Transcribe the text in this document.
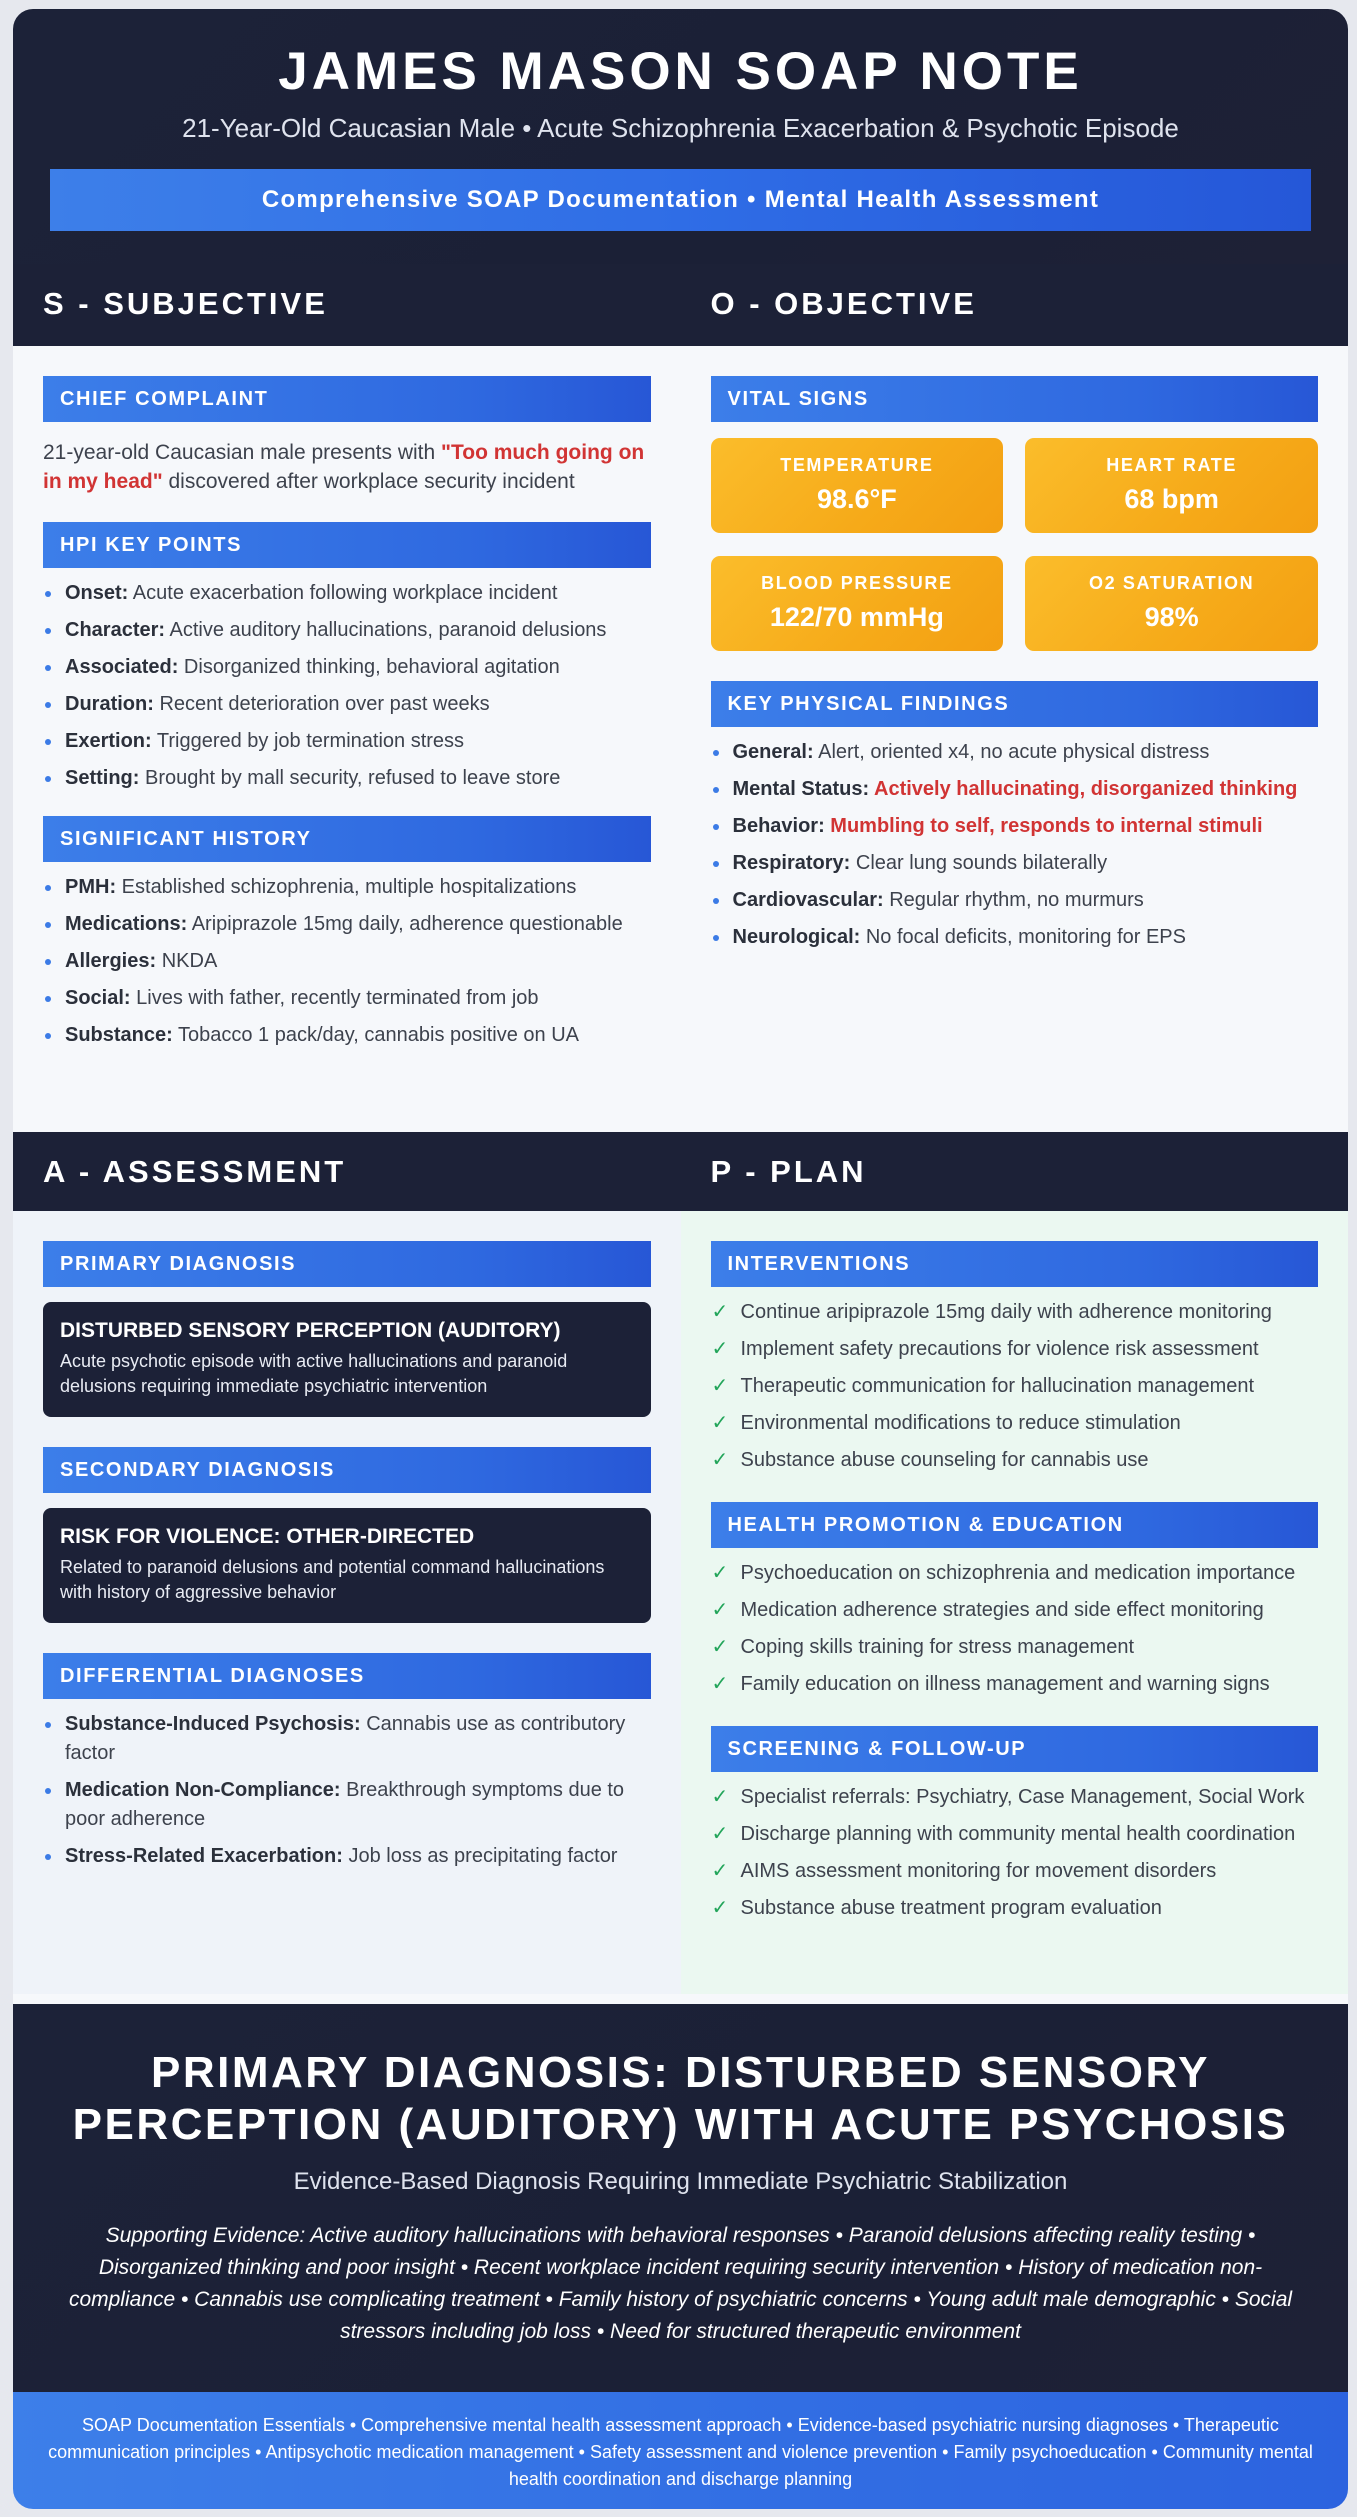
JAMES MASON SOAP NOTE
21-Year-Old Caucasian Male • Acute Schizophrenia Exacerbation & Psychotic Episode
Comprehensive SOAP Documentation • Mental Health Assessment
S - SUBJECTIVE
CHIEF COMPLAINT

21-year-old Caucasian male presents with "Too much going on in my head" discovered after workplace security incident

HPI KEY POINTS
Onset: Acute exacerbation following workplace incident
Character: Active auditory hallucinations, paranoid delusions
Associated: Disorganized thinking, behavioral agitation
Duration: Recent deterioration over past weeks
Exertion: Triggered by job termination stress
Setting: Brought by mall security, refused to leave store
SIGNIFICANT HISTORY
PMH: Established schizophrenia, multiple hospitalizations
Medications: Aripiprazole 15mg daily, adherence questionable
Allergies: NKDA
Social: Lives with father, recently terminated from job
Substance: Tobacco 1 pack/day, cannabis positive on UA
O - OBJECTIVE
VITAL SIGNS
TEMPERATURE
98.6°F
HEART RATE
68 bpm
BLOOD PRESSURE
122/70 mmHg
O2 SATURATION
98%
KEY PHYSICAL FINDINGS
General: Alert, oriented x4, no acute physical distress
Mental Status: Actively hallucinating, disorganized thinking
Behavior: Mumbling to self, responds to internal stimuli
Respiratory: Clear lung sounds bilaterally
Cardiovascular: Regular rhythm, no murmurs
Neurological: No focal deficits, monitoring for EPS
A - ASSESSMENT
PRIMARY DIAGNOSIS
DISTURBED SENSORY PERCEPTION (AUDITORY)
Acute psychotic episode with active hallucinations and paranoid delusions requiring immediate psychiatric intervention
SECONDARY DIAGNOSIS
RISK FOR VIOLENCE: OTHER-DIRECTED
Related to paranoid delusions and potential command hallucinations with history of aggressive behavior
DIFFERENTIAL DIAGNOSES
Substance-Induced Psychosis: Cannabis use as contributory factor
Medication Non-Compliance: Breakthrough symptoms due to poor adherence
Stress-Related Exacerbation: Job loss as precipitating factor
P - PLAN
INTERVENTIONS
✓ Continue aripiprazole 15mg daily with adherence monitoring
✓ Implement safety precautions for violence risk assessment
✓ Therapeutic communication for hallucination management
✓ Environmental modifications to reduce stimulation
✓ Substance abuse counseling for cannabis use
HEALTH PROMOTION & EDUCATION
✓ Psychoeducation on schizophrenia and medication importance
✓ Medication adherence strategies and side effect monitoring
✓ Coping skills training for stress management
✓ Family education on illness management and warning signs
SCREENING & FOLLOW-UP
✓ Specialist referrals: Psychiatry, Case Management, Social Work
✓ Discharge planning with community mental health coordination
✓ AIMS assessment monitoring for movement disorders
✓ Substance abuse treatment program evaluation
PRIMARY DIAGNOSIS: DISTURBED SENSORY
PERCEPTION (AUDITORY) WITH ACUTE PSYCHOSIS
Evidence-Based Diagnosis Requiring Immediate Psychiatric Stabilization
Supporting Evidence: Active auditory hallucinations with behavioral responses • Paranoid delusions affecting reality testing • Disorganized thinking and poor insight • Recent workplace incident requiring security intervention • History of medication non-compliance • Cannabis use complicating treatment • Family history of psychiatric concerns • Young adult male demographic • Social stressors including job loss • Need for structured therapeutic environment
SOAP Documentation Essentials • Comprehensive mental health assessment approach • Evidence-based psychiatric nursing diagnoses • Therapeutic communication principles • Antipsychotic medication management • Safety assessment and violence prevention • Family psychoeducation • Community mental health coordination and discharge planning
